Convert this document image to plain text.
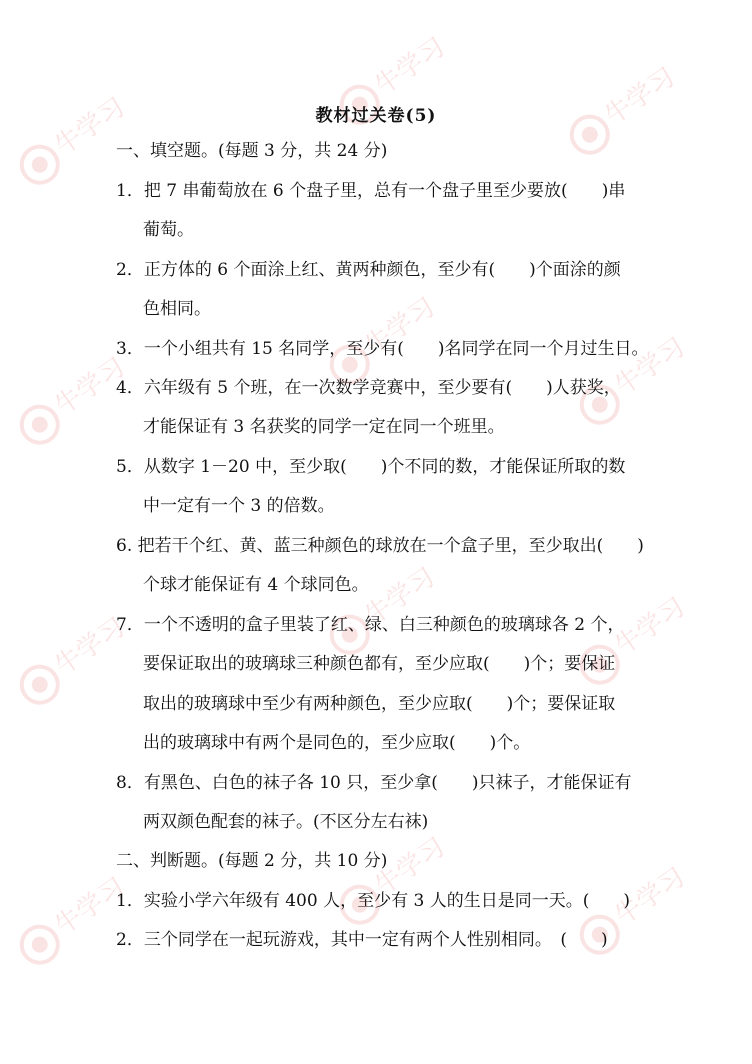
牛学习
牛学习	牛学习
牛学习
牛学习
牛学习
牛学习
牛学习	牛学习
牛学习
牛学习	牛学习
教材过关卷(5)
一、填空题。(每题 3 分，共 24 分)
1．把 7 串葡萄放在 6 个盘子里，总有一个盘子里至少要放(　　)串
葡萄。
2．正方体的 6 个面涂上红、黄两种颜色，至少有(　　)个面涂的颜
色相同。
3．一个小组共有 15 名同学，至少有(　　)名同学在同一个月过生日。
4．六年级有 5 个班，在一次数学竞赛中，至少要有(　　)人获奖，
才能保证有 3 名获奖的同学一定在同一个班里。
5．从数字 1－20 中，至少取(　　)个不同的数，才能保证所取的数
中一定有一个 3 的倍数。
6. 把若干个红、黄、蓝三种颜色的球放在一个盒子里，至少取出(　　)
个球才能保证有 4 个球同色。
7．一个不透明的盒子里装了红、绿、白三种颜色的玻璃球各 2 个，
要保证取出的玻璃球三种颜色都有，至少应取(　　)个；要保证
取出的玻璃球中至少有两种颜色，至少应取(　　)个；要保证取
出的玻璃球中有两个是同色的，至少应取(　　)个。
8．有黑色、白色的袜子各 10 只，至少拿(　　)只袜子，才能保证有
两双颜色配套的袜子。(不区分左右袜)
二、判断题。(每题 2 分，共 10 分)
1．实验小学六年级有 400 人，至少有 3 人的生日是同一天。(　　)
2．三个同学在一起玩游戏，其中一定有两个人性别相同。　(　　)
